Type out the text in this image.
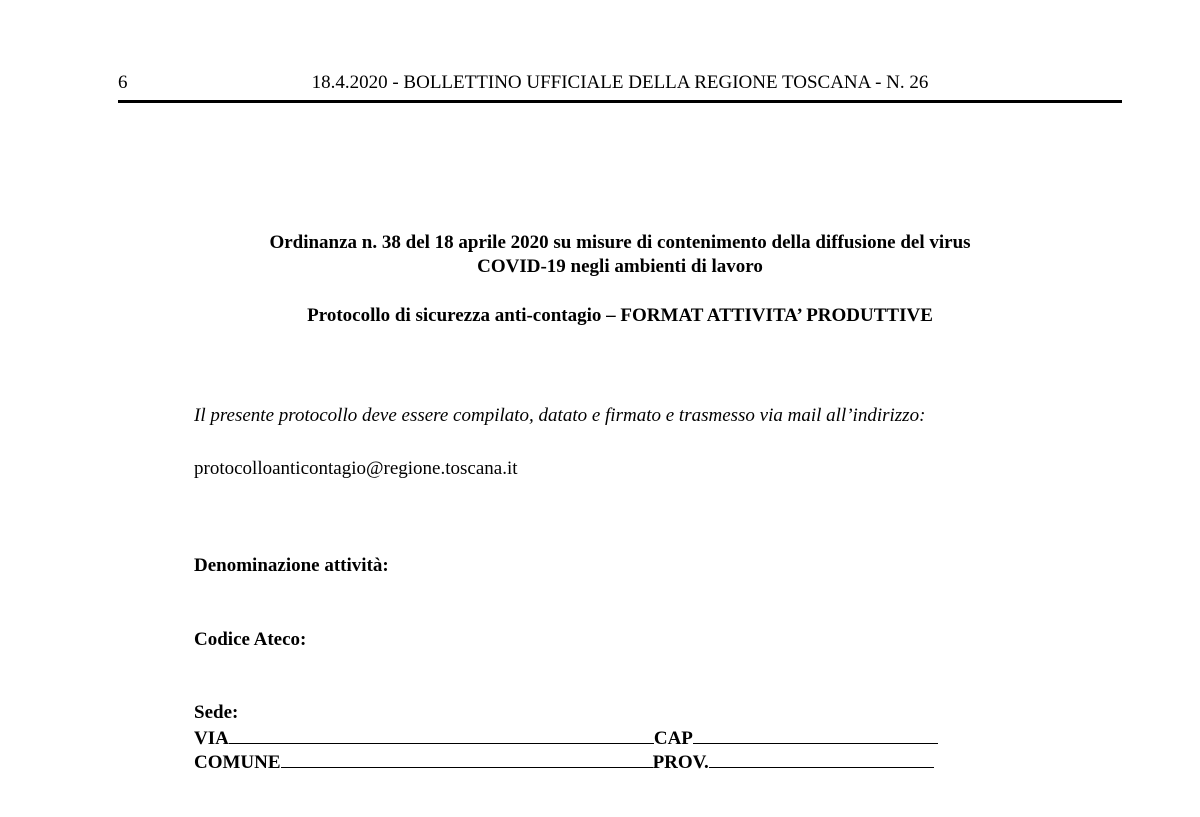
6	18.4.2020 - BOLLETTINO UFFICIALE DELLA REGIONE TOSCANA - N. 26
Ordinanza n. 38 del 18 aprile 2020 su misure di contenimento della diffusione del virus
COVID-19 negli ambienti di lavoro
Protocollo di sicurezza anti-contagio – FORMAT ATTIVITA’ PRODUTTIVE
Il presente protocollo deve essere compilato, datato e firmato e trasmesso via mail all’indirizzo:
protocolloanticontagio@regione.toscana.it
Denominazione attività:
Codice Ateco:
Sede:
VIA	CAP
COMUNE	PROV.
